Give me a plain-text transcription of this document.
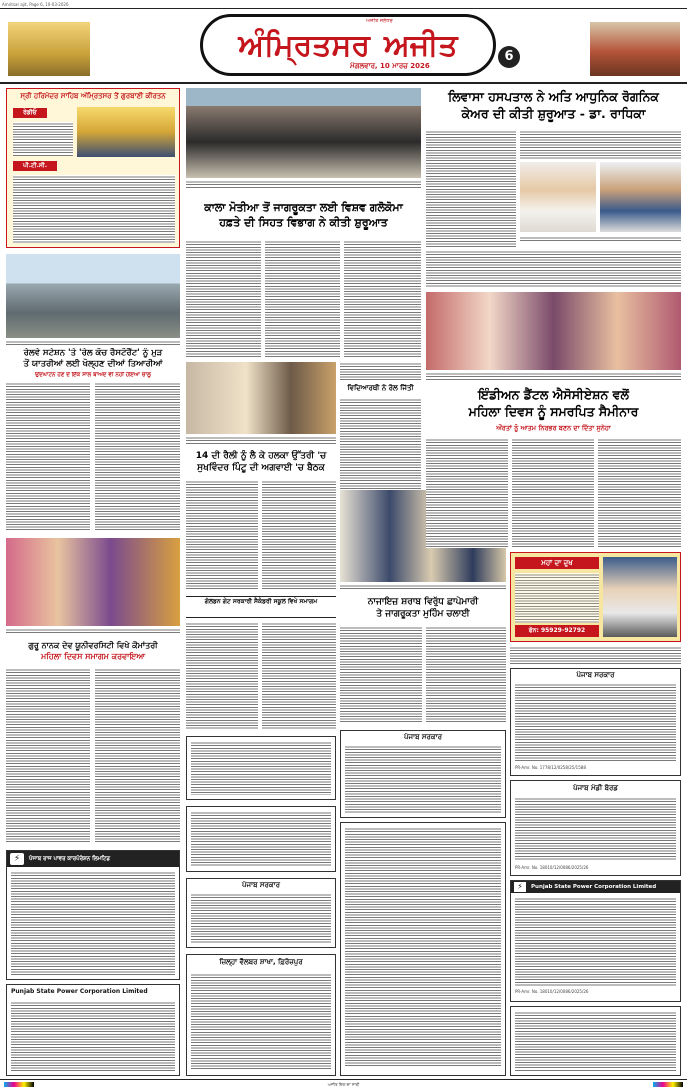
Amritsar ajit, Page 6, 10-03-2026
ਅੰਮ੍ਰਿਤਸਰ ਅਜੀਤ
ਅਜੀਤ ਜਲੰਧਰ
ਮੰਗਲਵਾਰ, 10 ਮਾਰਚ 2026
6
ਸ੍ਰੀ ਹਰਿਮੰਦਰ ਸਾਹਿਬ ਅੰਮ੍ਰਿਤਸਰ ਤੋਂ ਗੁਰਬਾਣੀ ਕੀਰਤਨ
ਰੇਡੀਓ
ਪੀ.ਟੀ.ਸੀ.
ਰੇਲਵੇ ਸਟੇਸ਼ਨ 'ਤੇ 'ਰੇਲ ਕੋਚ ਰੈਸਟੋਰੈਂਟ' ਨੂੰ ਮੁੜ
ਤੋਂ ਯਾਤਰੀਆਂ ਲਈ ਖੋਲ੍ਹਣ ਦੀਆਂ ਤਿਆਰੀਆਂ
ਉਦਘਾਟਨ ਹੋਣ ਦੇ ਇੱਕ ਸਾਲ ਬਾਅਦ ਵੀ ਨਹੀਂ ਹੋਇਆ ਚਾਲੂ
ਗੁਰੂ ਨਾਨਕ ਦੇਵ ਯੂਨੀਵਰਸਿਟੀ ਵਿਖੇ ਕੌਮਾਂਤਰੀ
ਮਹਿਲਾ ਦਿਵਸ ਸਮਾਗਮ ਕਰਵਾਇਆ
ਪੰਜਾਬ ਰਾਜ ਪਾਵਰ ਕਾਰਪੋਰੇਸ਼ਨ ਲਿਮਟਿਡ
⚡
Punjab State Power Corporation Limited
ਕਾਲਾ ਮੋਤੀਆ ਤੋਂ ਜਾਗਰੂਕਤਾ ਲਈ ਵਿਸ਼ਵ ਗਲੋਕੋਮਾ
ਹਫ਼ਤੇ ਦੀ ਸਿਹਤ ਵਿਭਾਗ ਨੇ ਕੀਤੀ ਸ਼ੁਰੂਆਤ
ਵਿਦਿਆਰਥੀ ਨੇ ਰੋਲ ਜਿੱਤੀ
14 ਦੀ ਰੈਲੀ ਨੂੰ ਲੈ ਕੇ ਹਲਕਾ ਉੱਤਰੀ 'ਚ
ਸੁਖਵਿੰਦਰ ਪਿੰਟੂ ਦੀ ਅਗਵਾਈ 'ਚ ਬੈਠਕ
ਨਾਜਾਇਜ਼ ਸ਼ਰਾਬ ਵਿਰੁੱਧ ਛਾਪੇਮਾਰੀ
ਤੇ ਜਾਗਰੂਕਤਾ ਮੁਹਿੰਮ ਚਲਾਈ
ਗੋਲਡਨ ਗੇਟ ਸਰਕਾਰੀ ਸੈਕੰਡਰੀ ਸਕੂਲ ਵਿਖੇ ਸਮਾਗਮ
ਪੰਜਾਬ ਸਰਕਾਰ
ਜ਼ਿਲ੍ਹਾ ਵੈੱਲਬਰ ਸ਼ਾਖਾ, ਫ਼ਿਰੋਜ਼ਪੁਰ
ਪੰਜਾਬ ਸਰਕਾਰ
ਲਿਵਾਸਾ ਹਸਪਤਾਲ ਨੇ ਅਤਿ ਆਧੁਨਿਕ ਰੋਗਨਿਕ
ਕੇਅਰ ਦੀ ਕੀਤੀ ਸ਼ੁਰੂਆਤ - ਡਾ. ਰਾਧਿਕਾ
ਇੰਡੀਅਨ ਡੈਂਟਲ ਐਸੋਸੀਏਸ਼ਨ ਵਲੋਂ
ਮਹਿਲਾ ਦਿਵਸ ਨੂੰ ਸਮਰਪਿਤ ਸੈਮੀਨਾਰ
ਔਰਤਾਂ ਨੂੰ ਆਤਮ ਨਿਰਭਰ ਬਣਨ ਦਾ ਦਿੱਤਾ ਸੁਨੇਹਾ
ਮਹਾਂ ਦਾ ਦੁਖ
ਫੋਨ: 95929-92792
ਪੰਜਾਬ ਸਰਕਾਰ
PR-Amr. No. 1778/12/0258/25/1588
ਪੰਜਾਬ ਮੰਡੀ ਬੋਰਡ
PR-Amr. No. 18010/12/0086/2025/26
Punjab State Power Corporation Limited
⚡
PR-Amr. No. 18010/12/0086/2025/26
ਅਜੀਤ ਦਿਲ ਦਾ ਸਾਥੀ
